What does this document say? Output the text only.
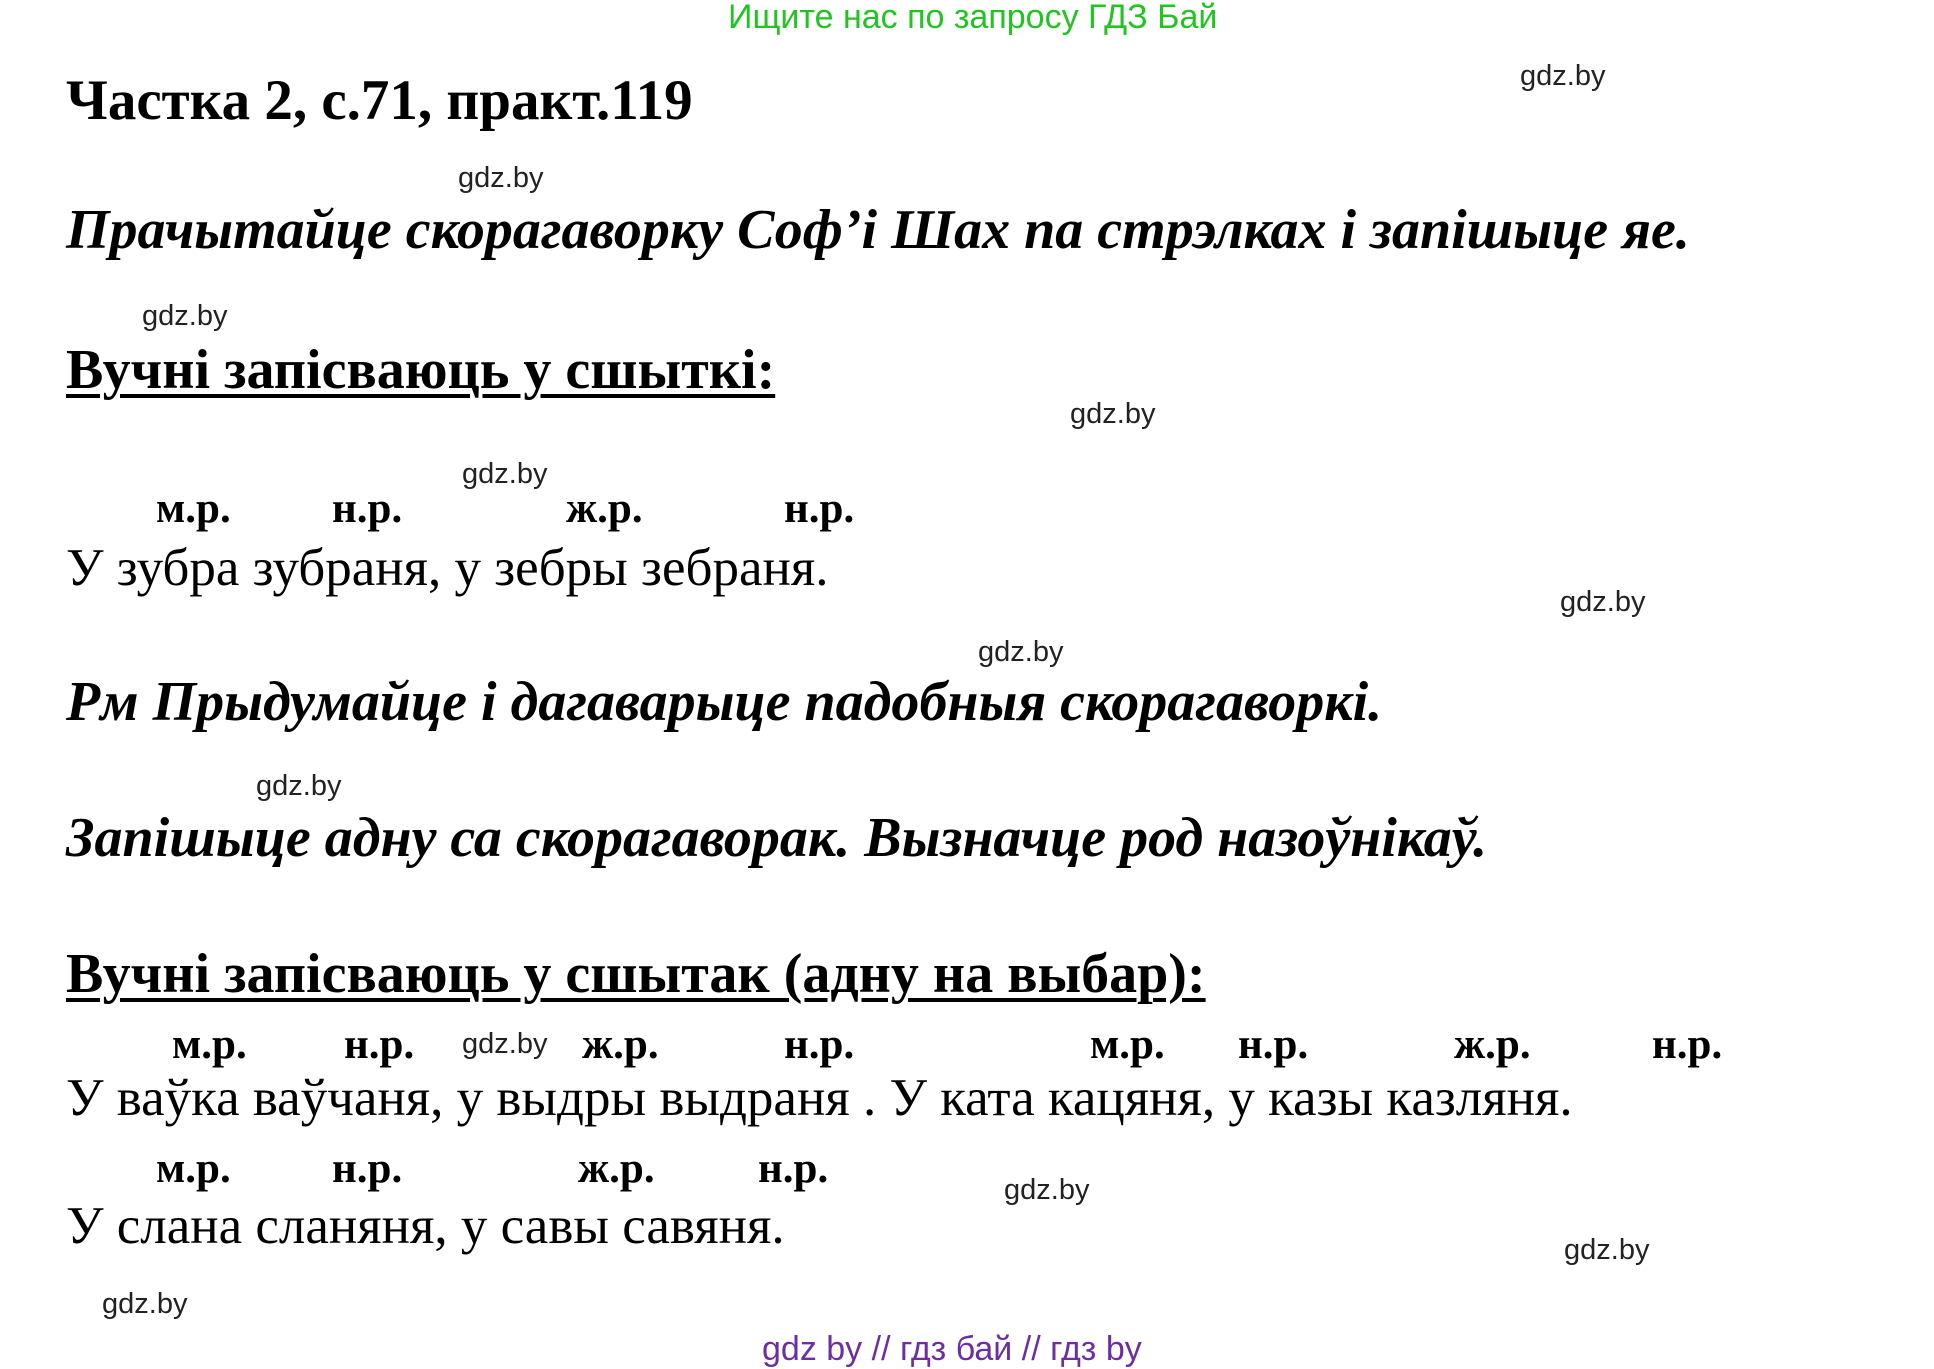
Ищите нас по запросу ГДЗ Бай
Частка 2, с.71, практ.119
Прачытайце скорагаворку Соф’і Шах па стрэлках і запішыце яе.
Вучні запісваюць у сшыткі:
м.р. н.р.	ж.р.	н.р.
У зубра зубраня, у зебры зебраня.
Рм Прыдумайце і дагаварыце падобныя скорагаворкі.
Запішыце адну са скорагаворак. Вызначце род назоўнікаў.
Вучні запісваюць у сшытак (адну на выбар):
м.р. н.р.	ж.р.	н.р.	м.р. н.р.	ж.р.	н.р.
У ваўка ваўчаня, у выдры выдраня . У ката кацяня, у казы казляня.
м.р. н.р.	ж.р. н.р.
У слана сланяня, у савы савяня.
gdz.by
gdz.by
gdz.by
gdz.by
gdz.by
gdz.by
gdz.by
gdz.by
gdz.by
gdz.by
gdz.by
gdz.by
gdz by // гдз бай // гдз by
